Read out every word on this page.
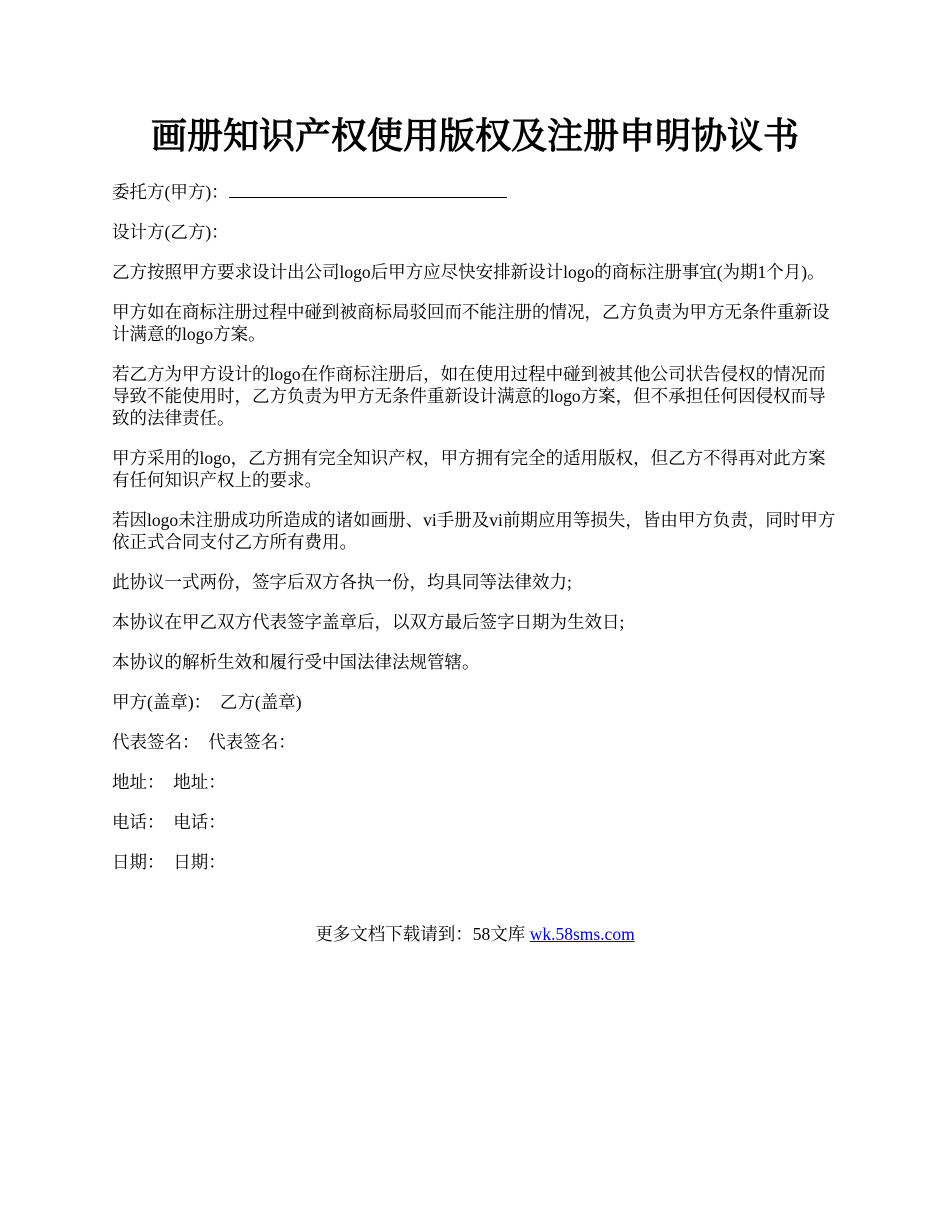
画册知识产权使用版权及注册申明协议书

委托方(甲方)：

设计方(乙方)：

乙方按照甲方要求设计出公司logo后甲方应尽快安排新设计logo的商标注册事宜(为期1个月)。

甲方如在商标注册过程中碰到被商标局驳回而不能注册的情况，乙方负责为甲方无条件重新设计满意的logo方案。

若乙方为甲方设计的logo在作商标注册后，如在使用过程中碰到被其他公司状告侵权的情况而导致不能使用时，乙方负责为甲方无条件重新设计满意的logo方案，但不承担任何因侵权而导致的法律责任。

甲方采用的logo，乙方拥有完全知识产权，甲方拥有完全的适用版权，但乙方不得再对此方案有任何知识产权上的要求。

若因logo未注册成功所造成的诸如画册、vi手册及vi前期应用等损失，皆由甲方负责，同时甲方依正式合同支付乙方所有费用。

此协议一式两份，签字后双方各执一份，均具同等法律效力;

本协议在甲乙双方代表签字盖章后，以双方最后签字日期为生效日;

本协议的解析生效和履行受中国法律法规管辖。

甲方(盖章)：  乙方(盖章)

代表签名：  代表签名：

地址：  地址：

电话：  电话：

日期：  日期：

更多文档下载请到：58文库 wk.58sms.com
